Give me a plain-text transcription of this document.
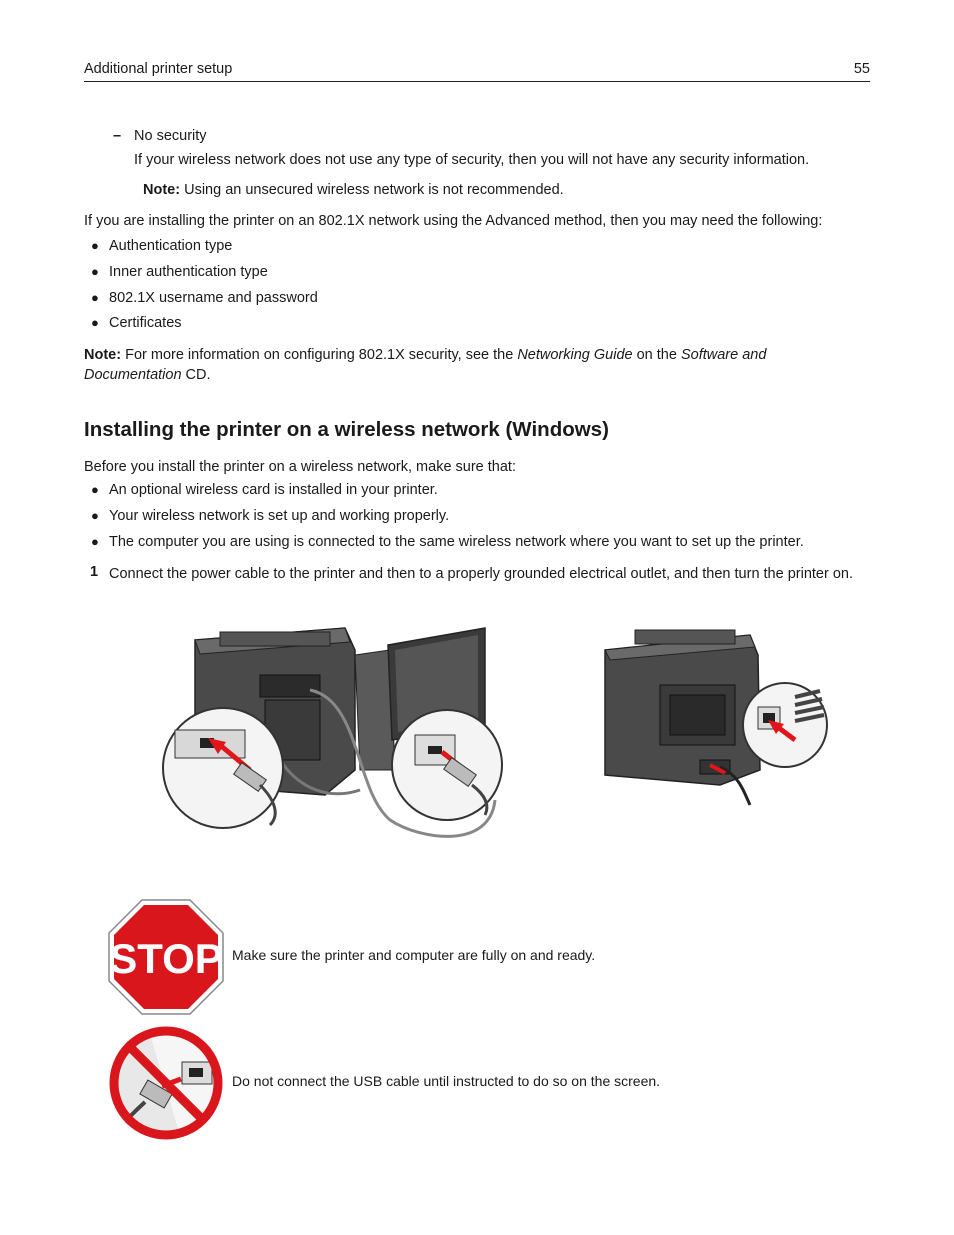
Additional printer setup	55
– No security
If your wireless network does not use any type of security, then you will not have any security information.
Note: Using an unsecured wireless network is not recommended.
If you are installing the printer on an 802.1X network using the Advanced method, then you may need the following:
● Authentication type
● Inner authentication type
● 802.1X username and password
● Certificates
Note: For more information on configuring 802.1X security, see the Networking Guide on the Software and
Documentation CD.
Installing the printer on a wireless network (Windows)
Before you install the printer on a wireless network, make sure that:
● An optional wireless card is installed in your printer.
● Your wireless network is set up and working properly.
● The computer you are using is connected to the same wireless network where you want to set up the printer.
1 Connect the power cable to the printer and then to a properly grounded electrical outlet, and then turn the printer on.
STOP Make sure the printer and computer are fully on and ready.
Do not connect the USB cable until instructed to do so on the screen.
